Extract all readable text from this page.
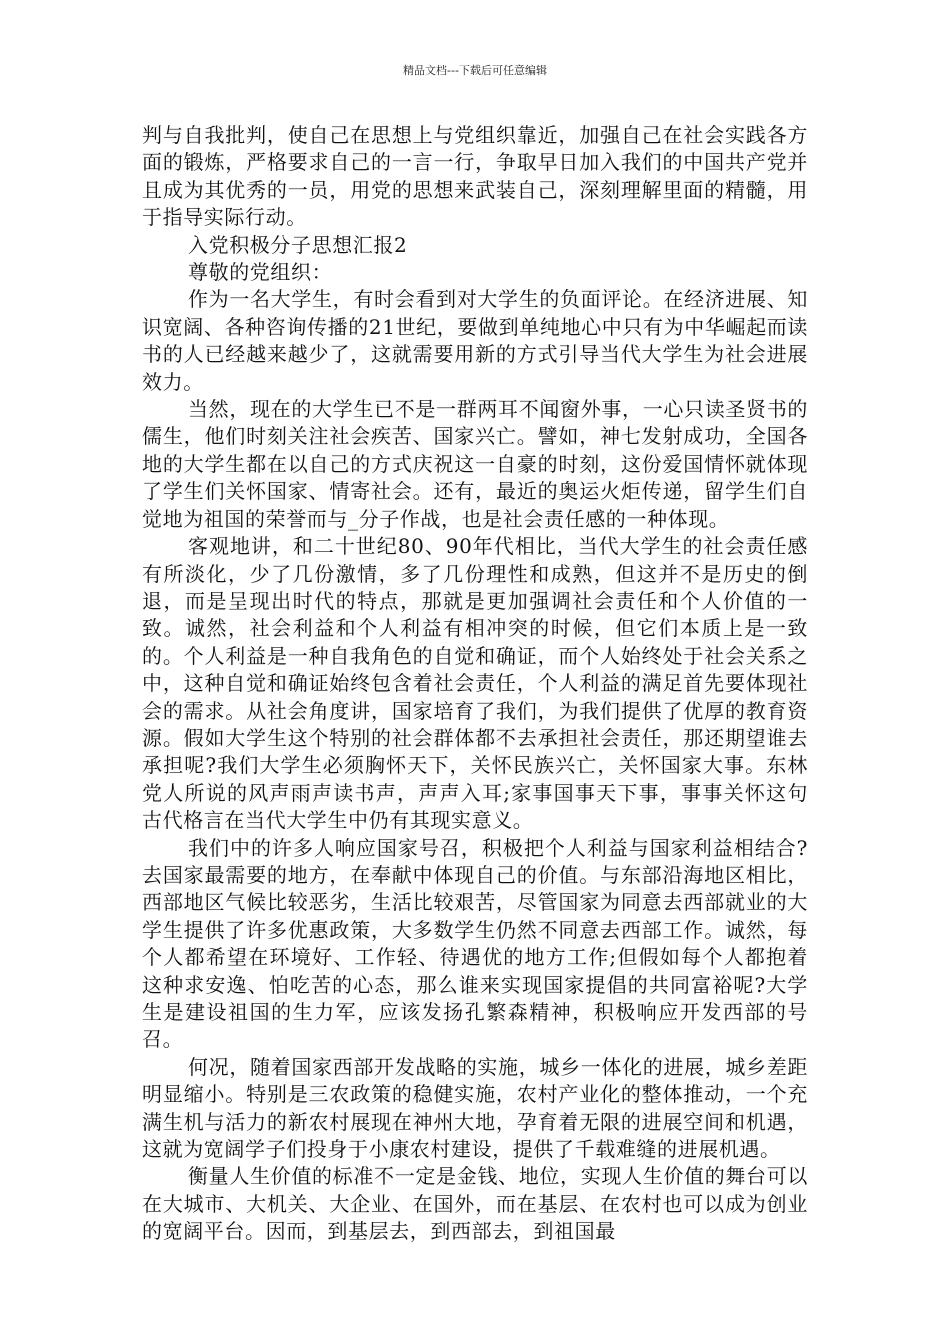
精品文档---下载后可任意编辑

判与自我批判，使自己在思想上与党组织靠近，加强自己在社会实践各方面的锻炼，严格要求自己的一言一行，争取早日加入我们的中国共产党并且成为其优秀的一员，用党的思想来武装自己，深刻理解里面的精髓，用于指导实际行动。

入党积极分子思想汇报2

尊敬的党组织：

作为一名大学生，有时会看到对大学生的负面评论。在经济进展、知识宽阔、各种咨询传播的21世纪，要做到单纯地心中只有为中华崛起而读书的人已经越来越少了，这就需要用新的方式引导当代大学生为社会进展效力。

当然，现在的大学生已不是一群两耳不闻窗外事，一心只读圣贤书的儒生，他们时刻关注社会疾苦、国家兴亡。譬如，神七发射成功，全国各地的大学生都在以自己的方式庆祝这一自豪的时刻，这份爱国情怀就体现了学生们关怀国家、情寄社会。还有，最近的奥运火炬传递，留学生们自觉地为祖国的荣誉而与_分子作战，也是社会责任感的一种体现。

客观地讲，和二十世纪80、90年代相比，当代大学生的社会责任感有所淡化，少了几份激情，多了几份理性和成熟，但这并不是历史的倒退，而是呈现出时代的特点，那就是更加强调社会责任和个人价值的一致。诚然，社会利益和个人利益有相冲突的时候，但它们本质上是一致的。个人利益是一种自我角色的自觉和确证，而个人始终处于社会关系之中，这种自觉和确证始终包含着社会责任，个人利益的满足首先要体现社会的需求。从社会角度讲，国家培育了我们，为我们提供了优厚的教育资源。假如大学生这个特别的社会群体都不去承担社会责任，那还期望谁去承担呢?我们大学生必须胸怀天下，关怀民族兴亡，关怀国家大事。东林党人所说的风声雨声读书声，声声入耳;家事国事天下事，事事关怀这句古代格言在当代大学生中仍有其现实意义。

我们中的许多人响应国家号召，积极把个人利益与国家利益相结合?去国家最需要的地方，在奉献中体现自己的价值。与东部沿海地区相比，西部地区气候比较恶劣，生活比较艰苦，尽管国家为同意去西部就业的大学生提供了许多优惠政策，大多数学生仍然不同意去西部工作。诚然，每个人都希望在环境好、工作轻、待遇优的地方工作;但假如每个人都抱着这种求安逸、怕吃苦的心态，那么谁来实现国家提倡的共同富裕呢?大学生是建设祖国的生力军，应该发扬孔繁森精神，积极响应开发西部的号召。

何况，随着国家西部开发战略的实施，城乡一体化的进展，城乡差距明显缩小。特别是三农政策的稳健实施，农村产业化的整体推动，一个充满生机与活力的新农村展现在神州大地，孕育着无限的进展空间和机遇，这就为宽阔学子们投身于小康农村建设，提供了千载难缝的进展机遇。

衡量人生价值的标准不一定是金钱、地位，实现人生价值的舞台可以在大城市、大机关、大企业、在国外，而在基层、在农村也可以成为创业的宽阔平台。因而，到基层去，到西部去，到祖国最
